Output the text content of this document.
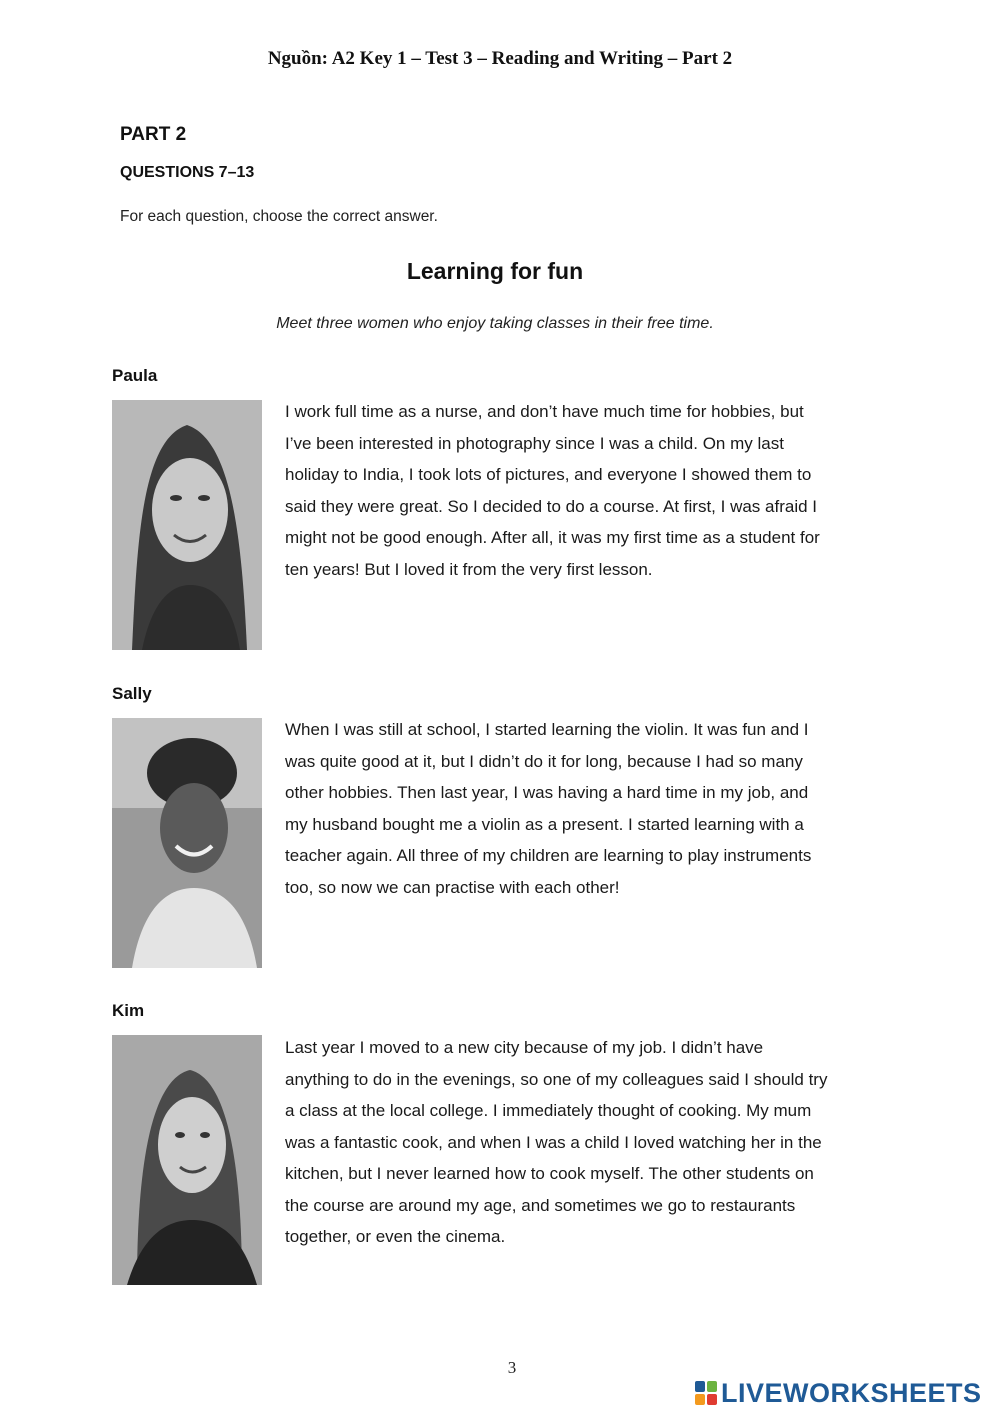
Nguồn: A2 Key 1 – Test 3 – Reading and Writing – Part 2
PART 2
QUESTIONS 7–13
For each question, choose the correct answer.
Learning for fun
Meet three women who enjoy taking classes in their free time.
Paula
I work full time as a nurse, and don’t have much time for hobbies, but
I’ve been interested in photography since I was a child. On my last
holiday to India, I took lots of pictures, and everyone I showed them to
said they were great. So I decided to do a course. At first, I was afraid I
might not be good enough. After all, it was my first time as a student for
ten years! But I loved it from the very first lesson.
Sally
When I was still at school, I started learning the violin. It was fun and I
was quite good at it, but I didn’t do it for long, because I had so many
other hobbies. Then last year, I was having a hard time in my job, and
my husband bought me a violin as a present. I started learning with a
teacher again. All three of my children are learning to play instruments
too, so now we can practise with each other!
Kim
Last year I moved to a new city because of my job. I didn’t have
anything to do in the evenings, so one of my colleagues said I should try
a class at the local college. I immediately thought of cooking. My mum
was a fantastic cook, and when I was a child I loved watching her in the
kitchen, but I never learned how to cook myself. The other students on
the course are around my age, and sometimes we go to restaurants
together, or even the cinema.
3
LIVEWORKSHEETS
